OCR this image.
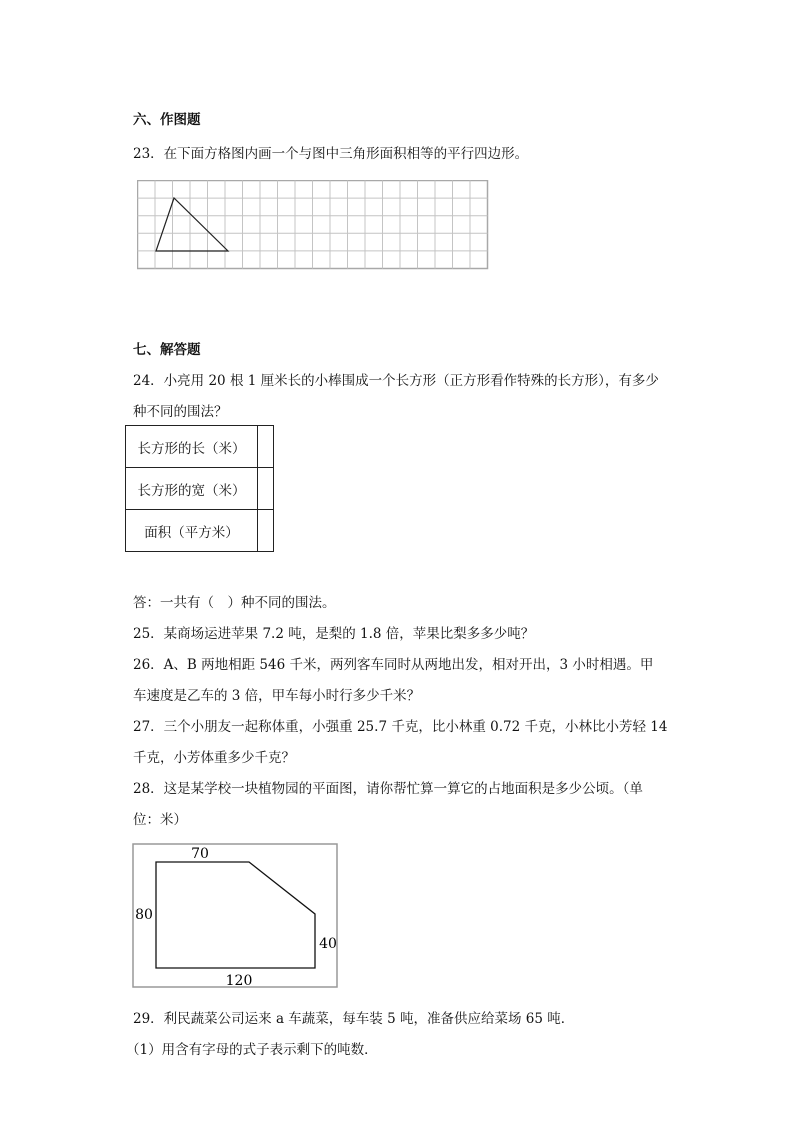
六、作图题
23．在下面方格图内画一个与图中三角形面积相等的平行四边形。
七、解答题
24．小亮用 20 根 1 厘米长的小棒围成一个长方形（正方形看作特殊的长方形），有多少
种不同的围法？
长方形的长（米）	
长方形的宽（米）	
面积（平方米）	
答：一共有（　）种不同的围法。
25．某商场运进苹果 7.2 吨，是梨的 1.8 倍，苹果比梨多多少吨？
26．A、B 两地相距 546 千米，两列客车同时从两地出发，相对开出，3 小时相遇。甲
车速度是乙车的 3 倍，甲车每小时行多少千米？
27．三个小朋友一起称体重，小强重 25.7 千克，比小林重 0.72 千克，小林比小芳轻 14
千克，小芳体重多少千克？
28．这是某学校一块植物园的平面图，请你帮忙算一算它的占地面积是多少公顷。（单
位：米）
70
80
40
120
29．利民蔬菜公司运来 a 车蔬菜，每车装 5 吨，准备供应给菜场 65 吨．
（1）用含有字母的式子表示剩下的吨数．
